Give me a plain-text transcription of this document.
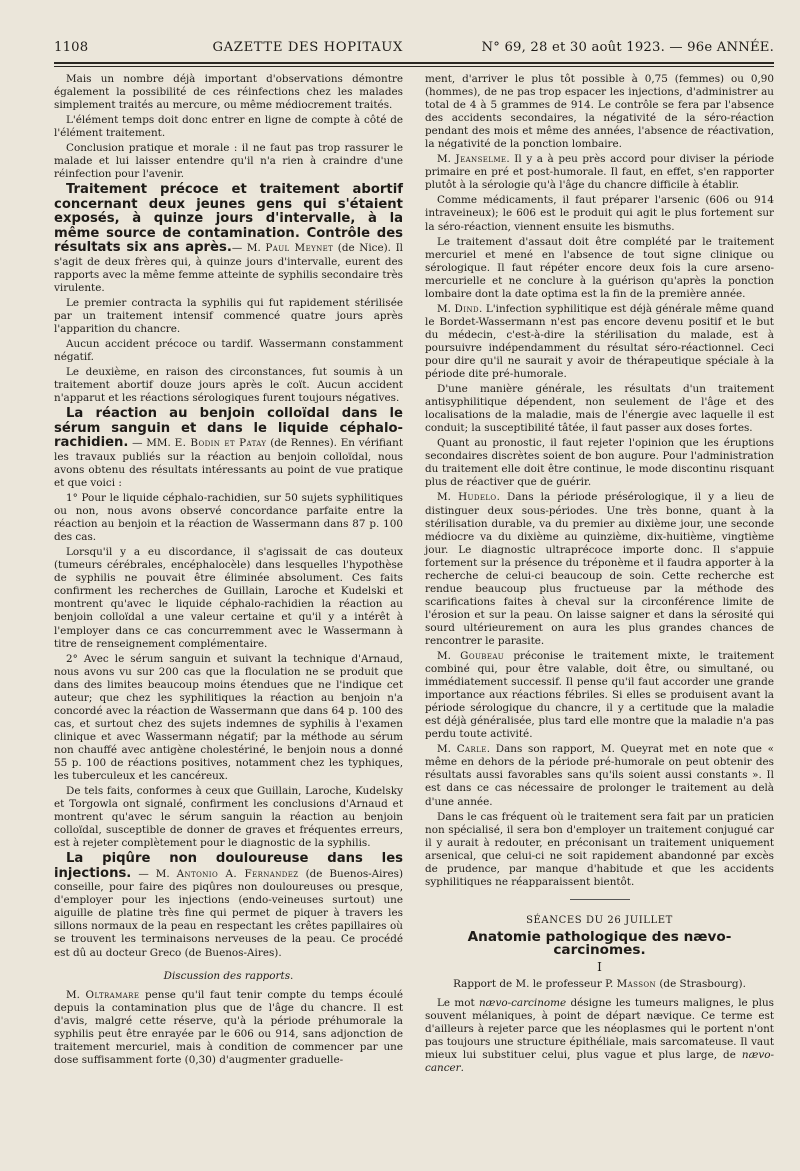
1108	GAZETTE DES HOPITAUX	N° 69, 28 et 30 août 1923. — 96e ANNÉE.

Mais un nombre déjà important d'observations démontre également la possibilité de ces réinfections chez les malades simplement traités au mercure, ou même médiocrement traités.

L'élément temps doit donc entrer en ligne de compte à côté de l'élément traitement.

Conclusion pratique et morale : il ne faut pas trop rassurer le malade et lui laisser entendre qu'il n'a rien à craindre d'une réinfection pour l'avenir.

Traitement précoce et traitement abortif concernant deux jeunes gens qui s'étaient exposés, à quinze jours d'intervalle, à la même source de contamination. Contrôle des résultats six ans après.— M. Paul Meynet (de Nice). Il s'agit de deux frères qui, à quinze jours d'intervalle, eurent des rapports avec la même femme atteinte de syphilis secondaire très virulente.

Le premier contracta la syphilis qui fut rapidement stérilisée par un traitement intensif commencé quatre jours après l'apparition du chancre.

Aucun accident précoce ou tardif. Wassermann constamment négatif.

Le deuxième, en raison des circonstances, fut soumis à un traitement abortif douze jours après le coït. Aucun accident n'apparut et les réactions sérologiques furent toujours négatives.

La réaction au benjoin colloïdal dans le sérum sanguin et dans le liquide céphalo-rachidien. — MM. E. Bodin et Patay (de Rennes). En vérifiant les travaux publiés sur la réaction au benjoin colloïdal, nous avons obtenu des résultats intéressants au point de vue pratique et que voici :

1° Pour le liquide céphalo-rachidien, sur 50 sujets syphilitiques ou non, nous avons observé concordance parfaite entre la réaction au benjoin et la réaction de Wassermann dans 87 p. 100 des cas.

Lorsqu'il y a eu discordance, il s'agissait de cas douteux (tumeurs cérébrales, encéphalocèle) dans lesquelles l'hypothèse de syphilis ne pouvait être éliminée absolument. Ces faits confirment les recherches de Guillain, Laroche et Kudelski et montrent qu'avec le liquide céphalo-rachidien la réaction au benjoin colloïdal a une valeur certaine et qu'il y a intérêt à l'employer dans ce cas concurremment avec le Wassermann à titre de renseignement complémentaire.

2° Avec le sérum sanguin et suivant la technique d'Arnaud, nous avons vu sur 200 cas que la floculation ne se produit que dans des limites beaucoup moins étendues que ne l'indique cet auteur; que chez les syphilitiques la réaction au benjoin n'a concordé avec la réaction de Wassermann que dans 64 p. 100 des cas, et surtout chez des sujets indemnes de syphilis à l'examen clinique et avec Wassermann négatif; par la méthode au sérum non chauffé avec antigène cholestériné, le benjoin nous a donné 55 p. 100 de réactions positives, notamment chez les typhiques, les tuberculeux et les cancéreux.

De tels faits, conformes à ceux que Guillain, Laroche, Kudelsky et Torgowla ont signalé, confirment les conclusions d'Arnaud et montrent qu'avec le sérum sanguin la réaction au benjoin colloïdal, susceptible de donner de graves et fréquentes erreurs, est à rejeter complètement pour le diagnostic de la syphilis.

La piqûre non douloureuse dans les injections. — M. Antonio A. Fernandez (de Buenos-Aires) conseille, pour faire des piqûres non douloureuses ou presque, d'employer pour les injections (endo-veineuses surtout) une aiguille de platine très fine qui permet de piquer à travers les sillons normaux de la peau en respectant les crêtes papillaires où se trouvent les terminaisons nerveuses de la peau. Ce procédé est dû au docteur Greco (de Buenos-Aires).

Discussion des rapports.

M. Oltramare pense qu'il faut tenir compte du temps écoulé depuis la contamination plus que de l'âge du chancre. Il est d'avis, malgré cette réserve, qu'à la période préhumorale la syphilis peut être enrayée par le 606 ou 914, sans adjonction de traitement mercuriel, mais à condition de commencer par une dose suffisamment forte (0,30) d'augmenter graduelle-

ment, d'arriver le plus tôt possible à 0,75 (femmes) ou 0,90 (hommes), de ne pas trop espacer les injections, d'administrer au total de 4 à 5 grammes de 914. Le contrôle se fera par l'absence des accidents secondaires, la négativité de la séro-réaction pendant des mois et même des années, l'absence de réactivation, la négativité de la ponction lombaire.

M. Jeanselme. Il y a à peu près accord pour diviser la période primaire en pré et post-humorale. Il faut, en effet, s'en rapporter plutôt à la sérologie qu'à l'âge du chancre difficile à établir.

Comme médicaments, il faut préparer l'arsenic (606 ou 914 intraveineux); le 606 est le produit qui agit le plus fortement sur la séro-réaction, viennent ensuite les bismuths.

Le traitement d'assaut doit être complété par le traitement mercuriel et mené en l'absence de tout signe clinique ou sérologique. Il faut répéter encore deux fois la cure arseno-mercurielle et ne conclure à la guérison qu'après la ponction lombaire dont la date optima est la fin de la première année.

M. Dind. L'infection syphilitique est déjà générale même quand le Bordet-Wassermann n'est pas encore devenu positif et le but du médecin, c'est-à-dire la stérilisation du malade, est à poursuivre indépendamment du résultat séro-réactionnel. Ceci pour dire qu'il ne saurait y avoir de thérapeutique spéciale à la période dite pré-humorale.

D'une manière générale, les résultats d'un traitement antisyphilitique dépendent, non seulement de l'âge et des localisations de la maladie, mais de l'énergie avec laquelle il est conduit; la susceptibilité tâtée, il faut passer aux doses fortes.

Quant au pronostic, il faut rejeter l'opinion que les éruptions secondaires discrètes soient de bon augure. Pour l'administration du traitement elle doit être continue, le mode discontinu risquant plus de réactiver que de guérir.

M. Hudelo. Dans la période présérologique, il y a lieu de distinguer deux sous-périodes. Une très bonne, quant à la stérilisation durable, va du premier au dixième jour, une seconde médiocre va du dixième au quinzième, dix-huitième, vingtième jour. Le diagnostic ultraprécoce importe donc. Il s'appuie fortement sur la présence du tréponème et il faudra apporter à la recherche de celui-ci beaucoup de soin. Cette recherche est rendue beaucoup plus fructueuse par la méthode des scarifications faites à cheval sur la circonférence limite de l'érosion et sur la peau. On laisse saigner et dans la sérosité qui sourd ultérieurement on aura les plus grandes chances de rencontrer le parasite.

M. Goubeau préconise le traitement mixte, le traitement combiné qui, pour être valable, doit être, ou simultané, ou immédiatement successif. Il pense qu'il faut accorder une grande importance aux réactions fébriles. Si elles se produisent avant la période sérologique du chancre, il y a certitude que la maladie est déjà généralisée, plus tard elle montre que la maladie n'a pas perdu toute activité.

M. Carle. Dans son rapport, M. Queyrat met en note que « même en dehors de la période pré-humorale on peut obtenir des résultats aussi favorables sans qu'ils soient aussi constants ». Il est dans ce cas nécessaire de prolonger le traitement au delà d'une année.

Dans le cas fréquent où le traitement sera fait par un praticien non spécialisé, il sera bon d'employer un traitement conjugué car il y aurait à redouter, en préconisant un traitement uniquement arsenical, que celui-ci ne soit rapidement abandonné par excès de prudence, par manque d'habitude et que les accidents syphilitiques ne réapparaissent bientôt.

SÉANCES DU 26 JUILLET
Anatomie pathologique des nævo-carcinomes.
I
Rapport de M. le professeur P. Masson (de Strasbourg).

Le mot nævo-carcinome désigne les tumeurs malignes, le plus souvent mélaniques, à point de départ nævique. Ce terme est d'ailleurs à rejeter parce que les néoplasmes qui le portent n'ont pas toujours une structure épithéliale, mais sarcomateuse. Il vaut mieux lui substituer celui, plus vague et plus large, de nævo-cancer.
